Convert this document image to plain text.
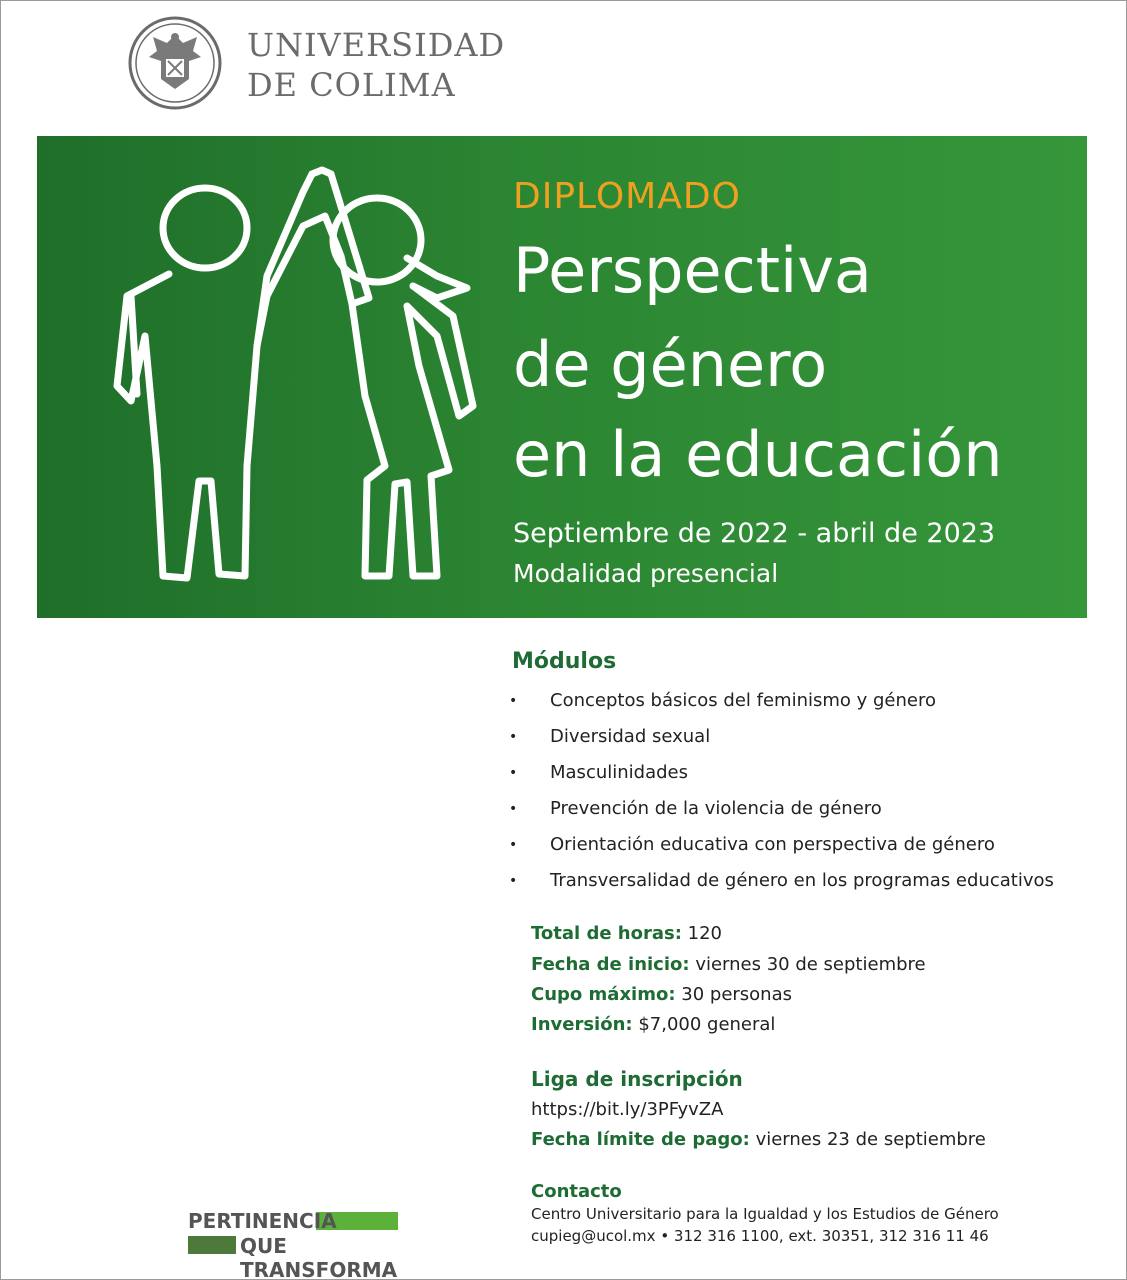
UNIVERSIDAD
DE COLIMA
DIPLOMADO
Perspectiva
de género
en la educación
Septiembre de 2022 - abril de 2023
Modalidad presencial
Módulos
• Conceptos básicos del feminismo y género
• Diversidad sexual
• Masculinidades
• Prevención de la violencia de género
• Orientación educativa con perspectiva de género
• Transversalidad de género en los programas educativos
Total de horas: 120
Fecha de inicio: viernes 30 de septiembre
Cupo máximo: 30 personas
Inversión: $7,000 general
Liga de inscripción
https://bit.ly/3PFyvZA
Fecha límite de pago: viernes 23 de septiembre
Contacto
Centro Universitario para la Igualdad y los Estudios de Género
cupieg@ucol.mx • 312 316 1100, ext. 30351, 312 316 11 46
PERTINENCIA
QUE TRANSFORMA
